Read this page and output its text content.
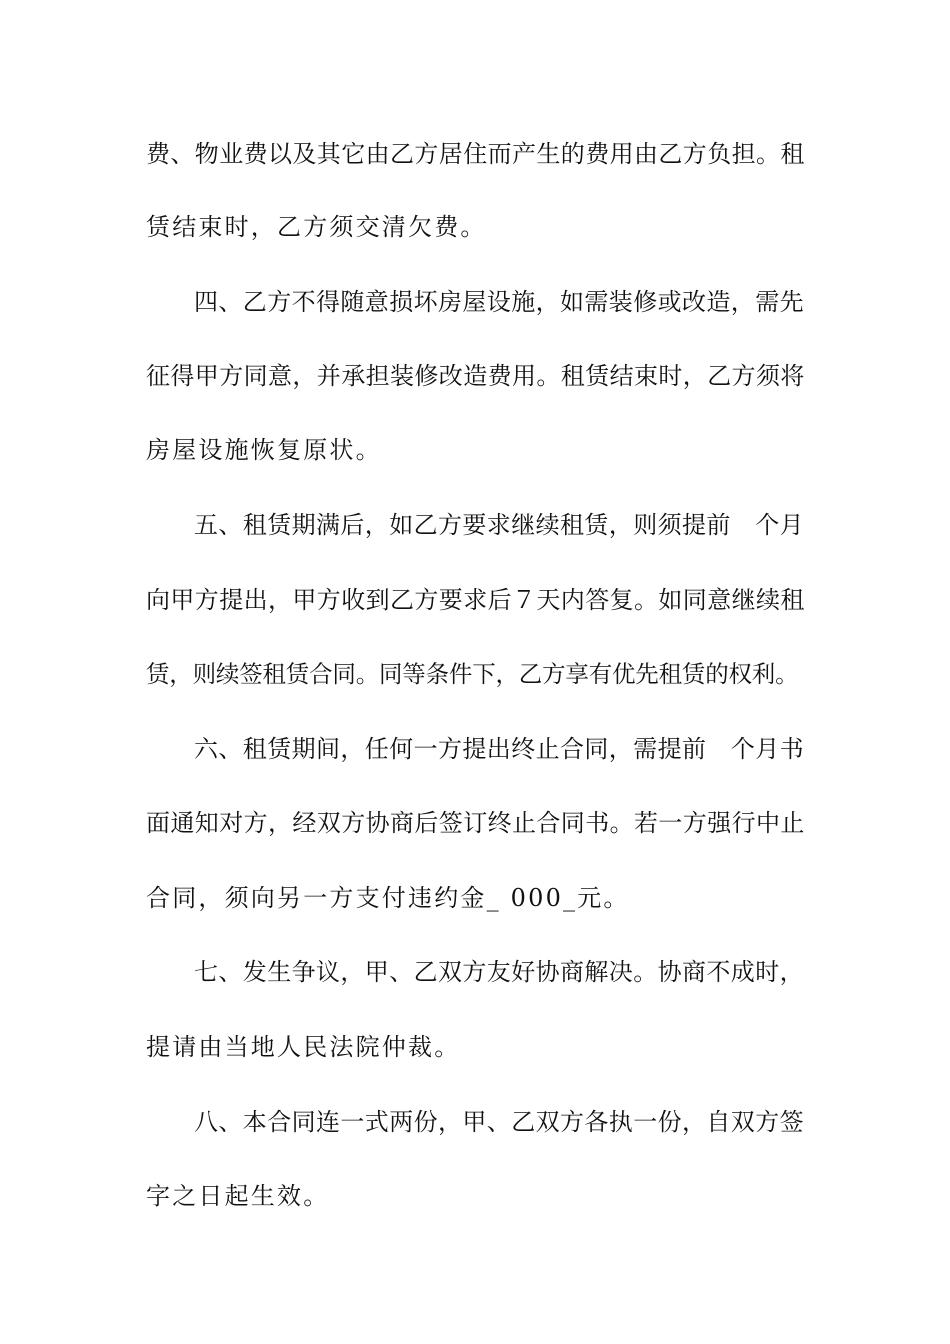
费、物业费以及其它由乙方居住而产生的费用由乙方负担。租
赁结束时，乙方须交清欠费。
四、乙方不得随意损坏房屋设施，如需装修或改造，需先
征得甲方同意，并承担装修改造费用。租赁结束时，乙方须将
房屋设施恢复原状。
五、租赁期满后，如乙方要求继续租赁，则须提前　个月
向甲方提出，甲方收到乙方要求后７天内答复。如同意继续租
赁，则续签租赁合同。同等条件下，乙方享有优先租赁的权利。
六、租赁期间，任何一方提出终止合同，需提前　个月书
面通知对方，经双方协商后签订终止合同书。若一方强行中止
合同，须向另一方支付违约金_ 000_元。
七、发生争议，甲、乙双方友好协商解决。协商不成时，
提请由当地人民法院仲裁。
八、本合同连一式两份，甲、乙双方各执一份，自双方签
字之日起生效。
